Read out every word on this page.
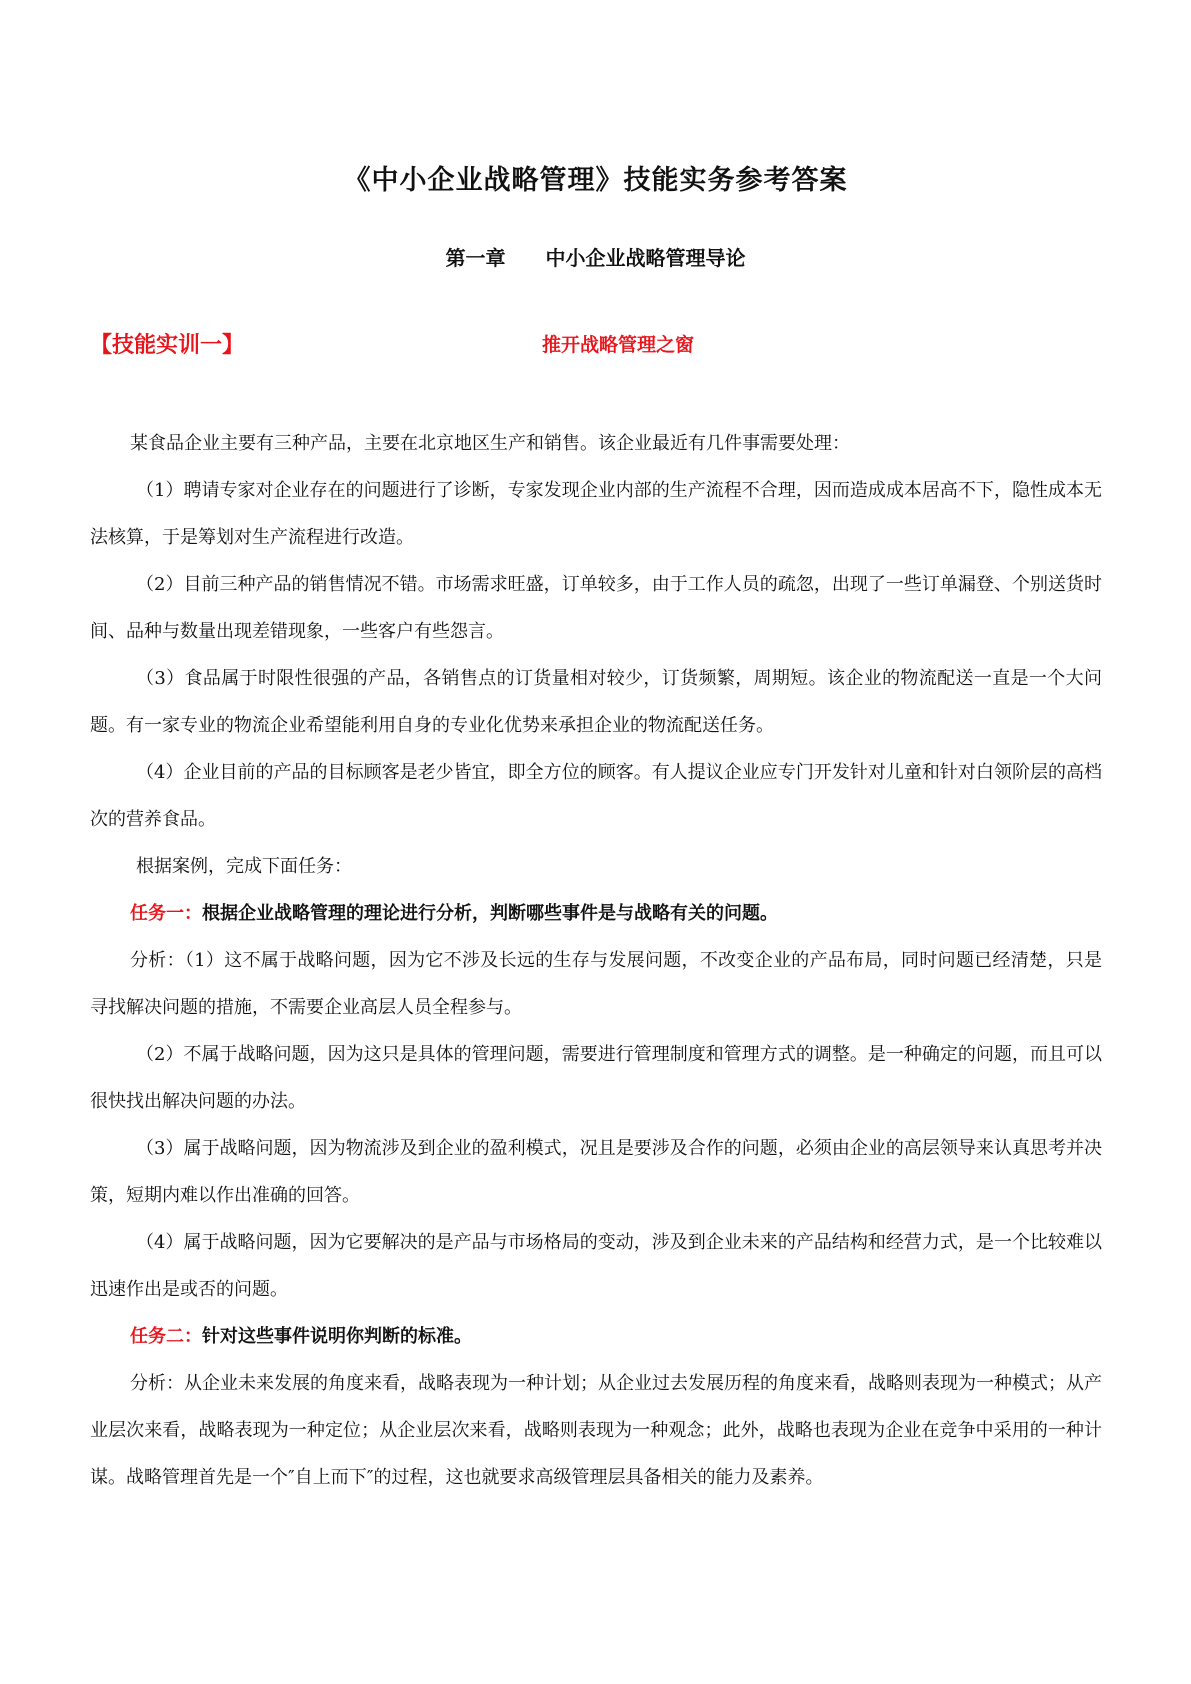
《中小企业战略管理》技能实务参考答案
第一章 中小企业战略管理导论
【技能实训一】	推开战略管理之窗

某食品企业主要有三种产品，主要在北京地区生产和销售。该企业最近有几件事需要处理：

（1）聘请专家对企业存在的问题进行了诊断，专家发现企业内部的生产流程不合理，因而造成成本居高不下，隐性成本无法核算，于是筹划对生产流程进行改造。

（2）目前三种产品的销售情况不错。市场需求旺盛，订单较多，由于工作人员的疏忽，出现了一些订单漏登、个别送货时间、品种与数量出现差错现象，一些客户有些怨言。

（3）食品属于时限性很强的产品，各销售点的订货量相对较少，订货频繁，周期短。该企业的物流配送一直是一个大问题。有一家专业的物流企业希望能利用自身的专业化优势来承担企业的物流配送任务。

（4）企业目前的产品的目标顾客是老少皆宜，即全方位的顾客。有人提议企业应专门开发针对儿童和针对白领阶层的高档次的营养食品。

根据案例，完成下面任务：

任务一：根据企业战略管理的理论进行分析，判断哪些事件是与战略有关的问题。

分析：（1）这不属于战略问题，因为它不涉及长远的生存与发展问题，不改变企业的产品布局，同时问题已经清楚，只是寻找解决问题的措施，不需要企业高层人员全程参与。

（2）不属于战略问题，因为这只是具体的管理问题，需要进行管理制度和管理方式的调整。是一种确定的问题，而且可以很快找出解决问题的办法。

（3）属于战略问题，因为物流涉及到企业的盈利模式，况且是要涉及合作的问题，必须由企业的高层领导来认真思考并决策，短期内难以作出准确的回答。

（4）属于战略问题，因为它要解决的是产品与市场格局的变动，涉及到企业未来的产品结构和经营力式，是一个比较难以迅速作出是或否的问题。

任务二：针对这些事件说明你判断的标准。

分析：从企业未来发展的角度来看，战略表现为一种计划；从企业过去发展历程的角度来看，战略则表现为一种模式；从产业层次来看，战略表现为一种定位；从企业层次来看，战略则表现为一种观念；此外，战略也表现为企业在竞争中采用的一种计谋。战略管理首先是一个″自上而下″的过程，这也就要求高级管理层具备相关的能力及素养。
